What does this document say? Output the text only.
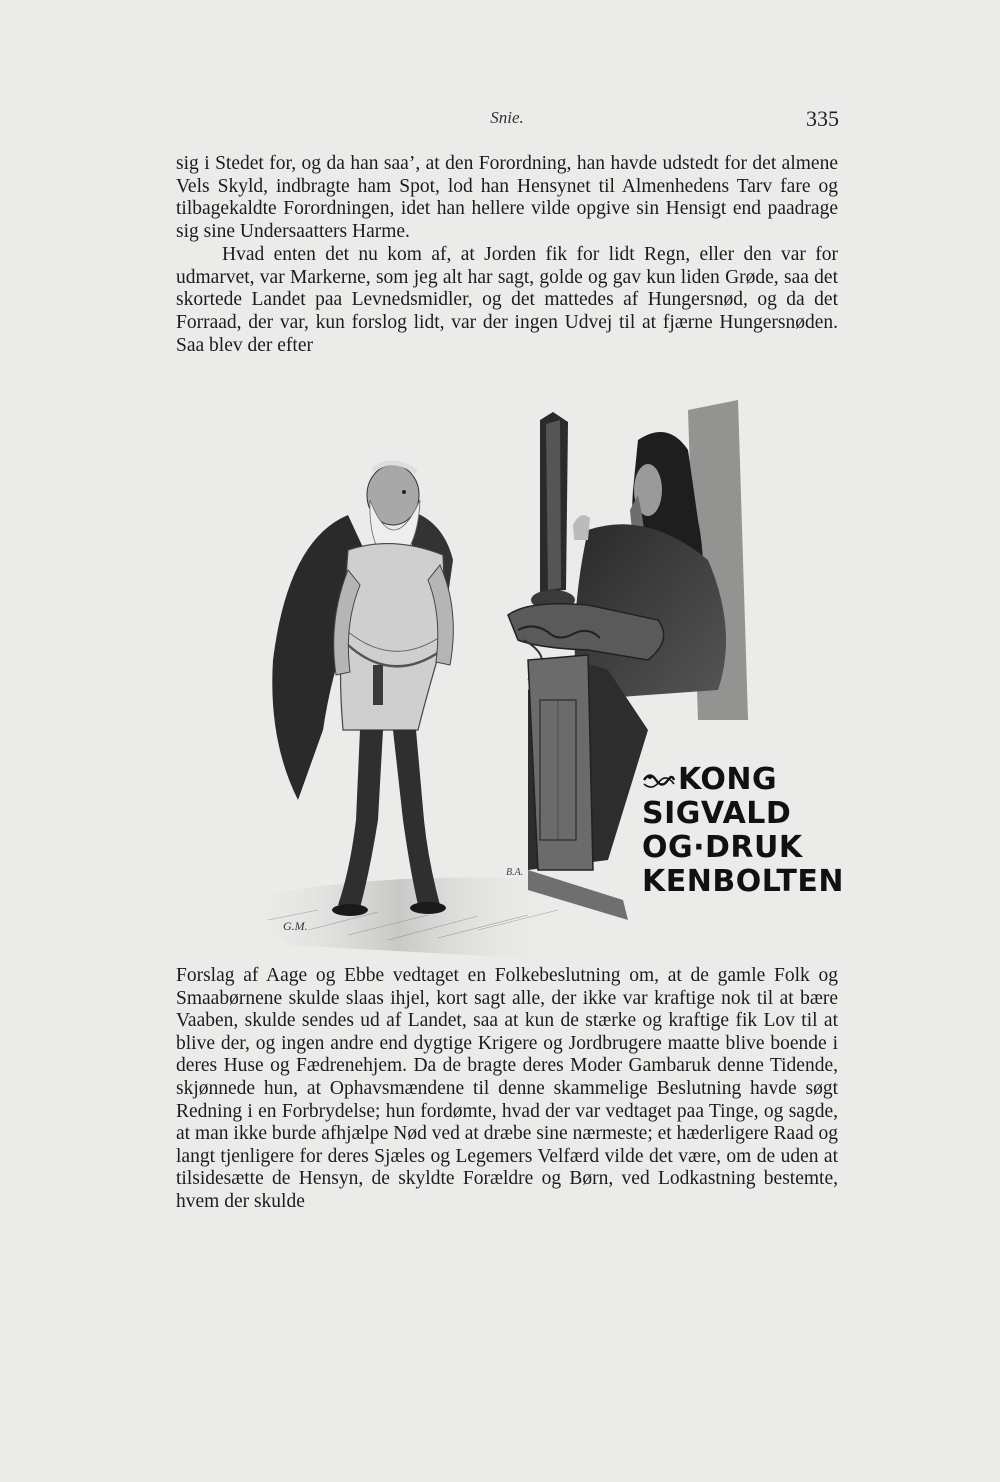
Snie.	335

sig i Stedet for, og da han saa’, at den Forordning, han havde udstedt for det almene Vels Skyld, indbragte ham Spot, lod han Hensynet til Almenhedens Tarv fare og tilbagekaldte Forordningen, idet han hellere vilde opgive sin Hensigt end paadrage sig sine Undersaatters Harme.

Hvad enten det nu kom af, at Jorden fik for lidt Regn, eller den var for udmarvet, var Markerne, som jeg alt har sagt, golde og gav kun liden Grøde, saa det skortede Landet paa Levnedsmidler, og det mattedes af Hungersnød, og da det Forraad, der var, kun forslog lidt, var der ingen Udvej til at fjærne Hungersnøden. Saa blev der efter

G.M.
B.A.
KONG
SIGVALD
OG·DRUK
KENBOLTEN

Forslag af Aage og Ebbe vedtaget en Folkebeslutning om, at de gamle Folk og Smaabørnene skulde slaas ihjel, kort sagt alle, der ikke var kraftige nok til at bære Vaaben, skulde sendes ud af Landet, saa at kun de stærke og kraftige fik Lov til at blive der, og ingen andre end dygtige Krigere og Jordbrugere maatte blive boende i deres Huse og Fædrenehjem. Da de bragte deres Moder Gambaruk denne Tidende, skjønnede hun, at Ophavsmændene til denne skammelige Beslutning havde søgt Redning i en Forbrydelse; hun fordømte, hvad der var vedtaget paa Tinge, og sagde, at man ikke burde afhjælpe Nød ved at dræbe sine nærmeste; et hæderligere Raad og langt tjenligere for deres Sjæles og Legemers Velfærd vilde det være, om de uden at tilsidesætte de Hensyn, de skyldte Forældre og Børn, ved Lodkastning bestemte, hvem der skulde
